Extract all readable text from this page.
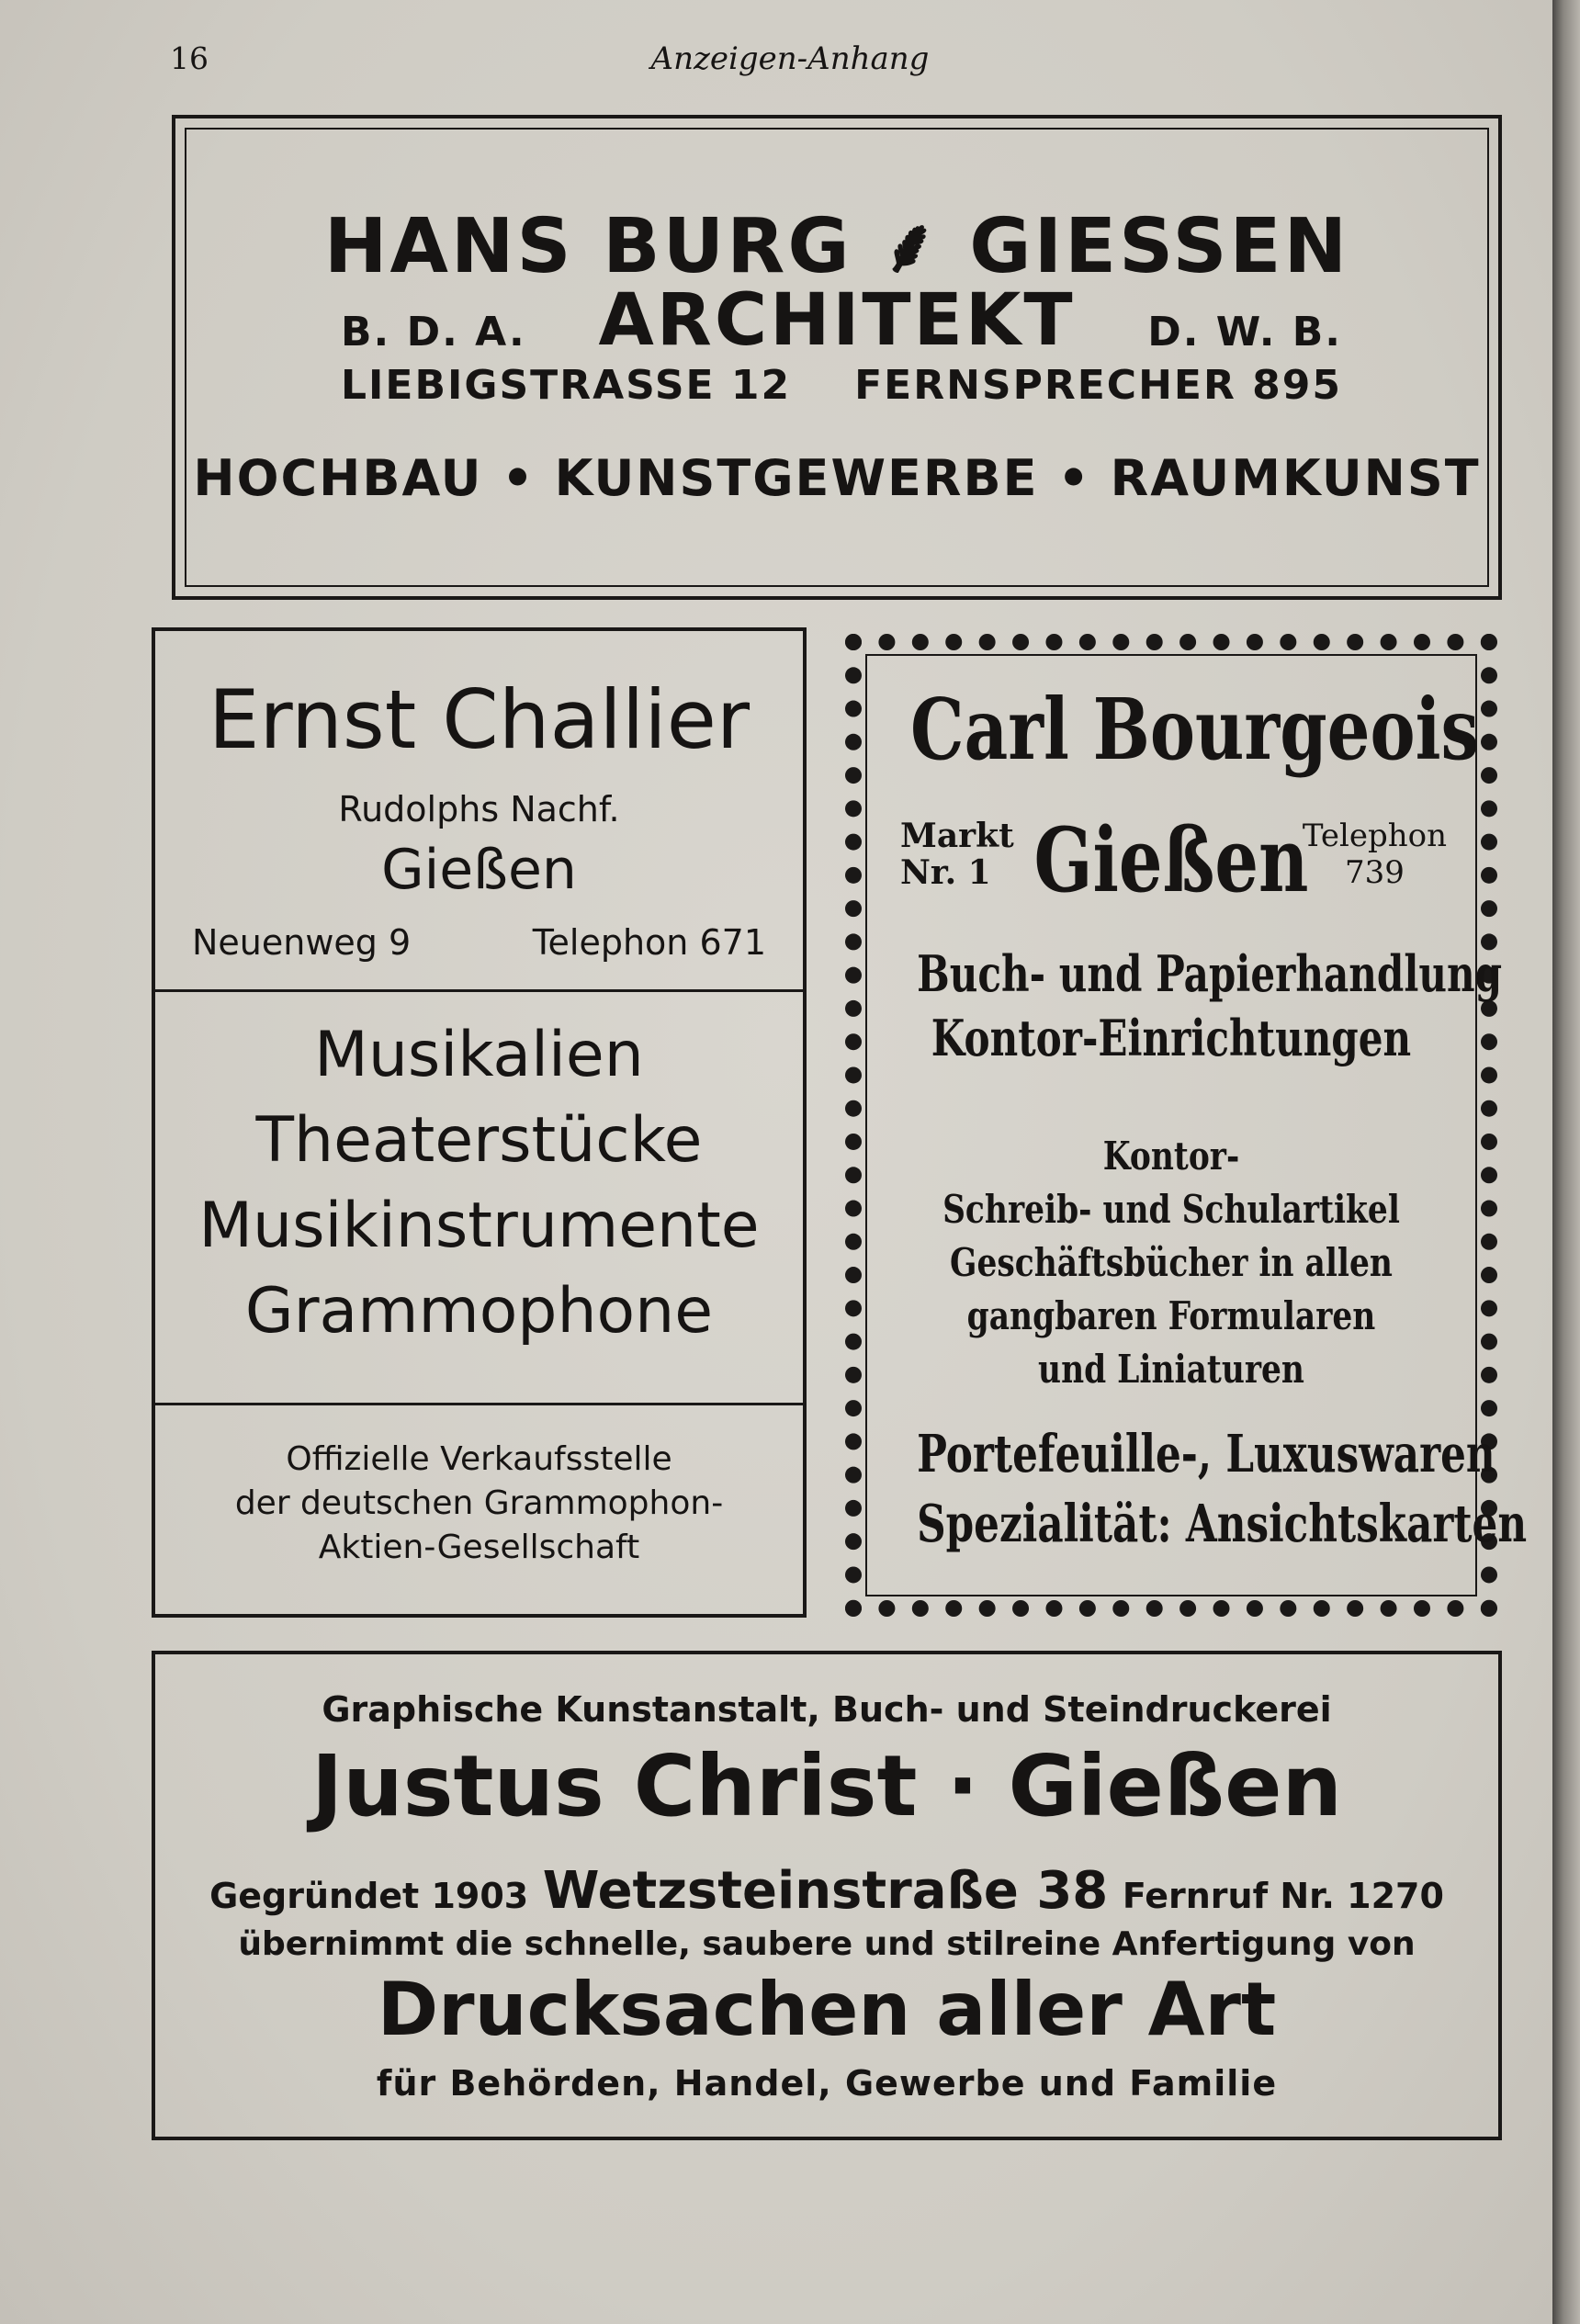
16	Anzeigen-Anhang
HANS BURG ⸙ GIESSEN
B. D. A.	ARCHITEKT	D. W. B.
LIEBIGSTRASSE 12 FERNSPRECHER 895
HOCHBAU • KUNSTGEWERBE • RAUMKUNST
Ernst Challier
Rudolphs Nachf.
Gießen
Neuenweg 9	Telephon 671
Musikalien
Theaterstücke
Musikinstrumente
Grammophone
Offizielle Verkaufsstelle
der deutschen Grammophon-
Aktien-Gesellschaft
Carl Bourgeois
Markt
Nr. 1 Gießen
Telephon
739
Buch- und Papierhandlung
Kontor-Einrichtungen
Kontor-
Schreib- und Schulartikel
Geschäftsbücher in allen
gangbaren Formularen
und Liniaturen
Portefeuille-, Luxuswaren
Spezialität: Ansichtskarten
Graphische Kunstanstalt, Buch- und Steindruckerei
Justus Christ · Gießen
Gegründet 1903 Wetzsteinstraße 38 Fernruf Nr. 1270
übernimmt die schnelle, saubere und stilreine Anfertigung von
Drucksachen aller Art
für Behörden, Handel, Gewerbe und Familie
